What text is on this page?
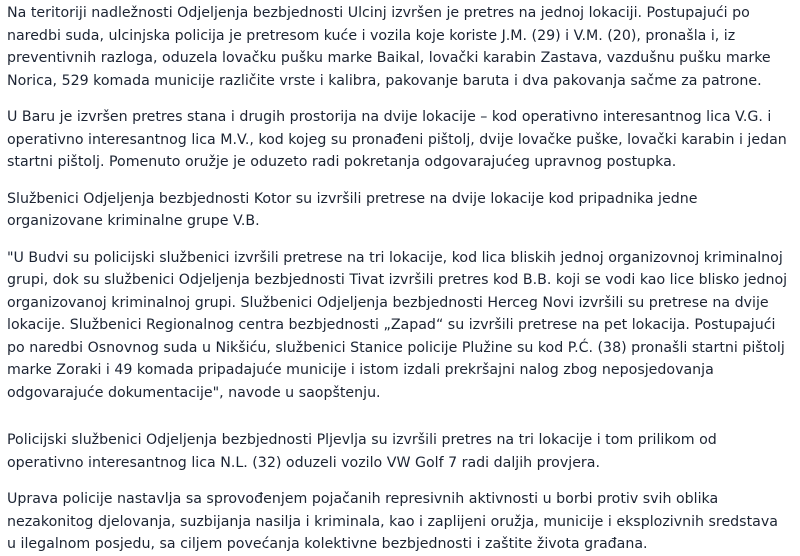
Na teritoriji nadležnosti Odjeljenja bezbjednosti Ulcinj izvršen je pretres na jednoj lokaciji. Postupajući po naredbi suda, ulcinjska policija je pretresom kuće i vozila koje koriste J.M. (29) i V.M. (20), pronašla i, iz preventivnih razloga, oduzela lovačku pušku marke Baikal, lovački karabin Zastava, vazdušnu pušku marke Norica, 529 komada municije različite vrste i kalibra, pakovanje baruta i dva pakovanja sačme za patrone.

U Baru je izvršen pretres stana i drugih prostorija na dvije lokacije – kod operativno interesantnog lica V.G. i operativno interesantnog lica M.V., kod kojeg su pronađeni pištolj, dvije lovačke puške, lovački karabin i jedan startni pištolj. Pomenuto oružje je oduzeto radi pokretanja odgovarajućeg upravnog postupka.

Službenici Odjeljenja bezbjednosti Kotor su izvršili pretrese na dvije lokacije kod pripadnika jedne organizovane kriminalne grupe V.B.

"U Budvi su policijski službenici izvršili pretrese na tri lokacije, kod lica bliskih jednoj organizovnoj kriminalnoj grupi, dok su službenici Odjeljenja bezbjednosti Tivat izvršili pretres kod B.B. koji se vodi kao lice blisko jednoj organizovanoj kriminalnoj grupi. Službenici Odjeljenja bezbjednosti Herceg Novi izvršili su pretrese na dvije lokacije. Službenici Regionalnog centra bezbjednosti „Zapad“ su izvršili pretrese na pet lokacija. Postupajući po naredbi Osnovnog suda u Nikšiću, službenici Stanice policije Plužine su kod P.Ć. (38) pronašli startni pištolj marke Zoraki i 49 komada pripadajuće municije i istom izdali prekršajni nalog zbog neposjedovanja odgovarajuće dokumentacije", navode u saopštenju.

Policijski službenici Odjeljenja bezbjednosti Pljevlja su izvršili pretres na tri lokacije i tom prilikom od operativno interesantnog lica N.L. (32) oduzeli vozilo VW Golf 7 radi daljih provjera.

Uprava policije nastavlja sa sprovođenjem pojačanih represivnih aktivnosti u borbi protiv svih oblika nezakonitog djelovanja, suzbijanja nasilja i kriminala, kao i zaplijeni oružja, municije i eksplozivnih sredstava u ilegalnom posjedu, sa ciljem povećanja kolektivne bezbjednosti i zaštite života građana.
